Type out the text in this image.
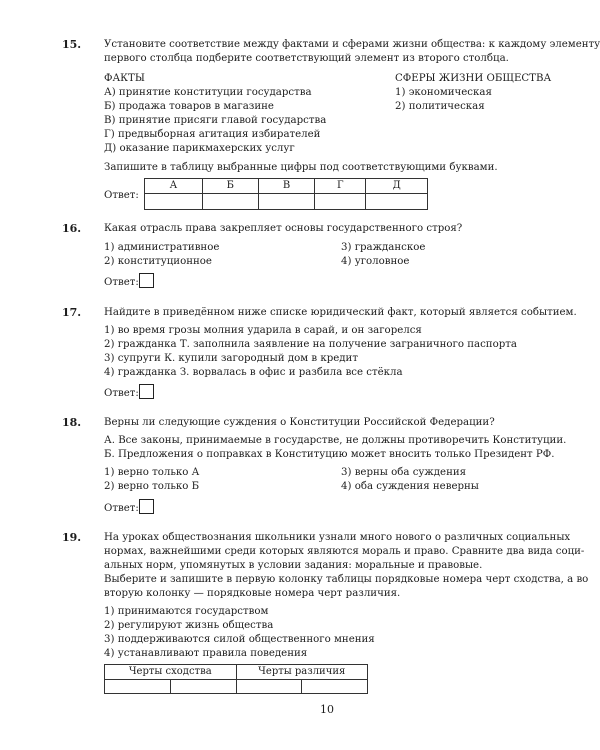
15. Установите соответствие между фактами и сферами жизни общества: к каждому элементу
первого столбца подберите соответствующий элемент из второго столбца.
ФАКТЫ	СФЕРЫ ЖИЗНИ ОБЩЕСТВА
А) принятие конституции государства
Б) продажа товаров в магазине
В) принятие присяги главой государства
Г) предвыборная агитация избирателей
Д) оказание парикмахерских услуг
1) экономическая
2) политическая
Запишите в таблицу выбранные цифры под соответствующими буквами.
Ответ:
А	Б	В	Г	Д

16. Какая отрасль права закрепляет основы государственного строя?
1) административное
2) конституционное
3) гражданское
4) уголовное
Ответ:
17. Найдите в приведённом ниже списке юридический факт, который является событием.
1) во время грозы молния ударила в сарай, и он загорелся
2) гражданка Т. заполнила заявление на получение заграничного паспорта
3) супруги К. купили загородный дом в кредит
4) гражданка З. ворвалась в офис и разбила все стёкла
Ответ:
18. Верны ли следующие суждения о Конституции Российской Федерации?
А. Все законы, принимаемые в государстве, не должны противоречить Конституции.
Б. Предложения о поправках в Конституцию может вносить только Президент РФ.
1) верно только А
2) верно только Б
3) верны оба суждения
4) оба суждения неверны
Ответ:
19. На уроках обществознания школьники узнали много нового о различных социальных
нормах, важнейшими среди которых являются мораль и право. Сравните два вида соци-
альных норм, упомянутых в условии задания: моральные и правовые.
Выберите и запишите в первую колонку таблицы порядковые номера черт сходства, а во
вторую колонку — порядковые номера черт различия.
1) принимаются государством
2) регулируют жизнь общества
3) поддерживаются силой общественного мнения
4) устанавливают правила поведения
Черты сходства		Черты различия	

10
